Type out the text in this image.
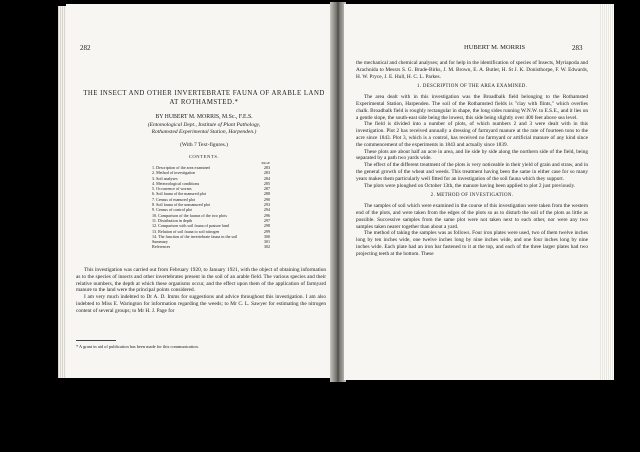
282
THE INSECT AND OTHER INVERTEBRATE FAUNA OF ARABLE LAND AT ROTHAMSTED.*
BY HUBERT M. MORRIS, M.Sc., F.E.S.
(Entomological Dept., Institute of Plant Pathology,
Rothamsted Experimental Station, Harpenden.)
(With 7 Text-figures.)
CONTENTS.
PAGE
1. Description of the area examined	283
2. Method of investigation	283
3. Soil analyses	284
4. Meteorological conditions	285
5. Occurrence of worms	287
6. Soil fauna of the manured plot	288
7. Census of manured plot	290
8. Soil fauna of the unmanured plot	293
9. Census of control plot	294
10. Comparison of the faunas of the two plots	296
11. Distribution in depth	297
12. Comparison with soil fauna of pasture land	298
13. Relation of soil fauna to soil nitrogen	299
14. The function of the invertebrate fauna in the soil	300
Summary	301
References	302

This investigation was carried out from February 1920, to January 1921, with the object of obtaining information as to the species of insects and other invertebrates present in the soil of an arable field. The various species and their relative numbers, the depth at which these organisms occur, and the effect upon them of the application of farmyard manure to the land were the principal points considered.

I am very much indebted to Dr A. D. Imms for suggestions and advice throughout this investigation. I am also indebted to Miss E. Warington for information regarding the weeds; to Mr C. L. Sawyer for estimating the nitrogen content of several groups; to Mr H. J. Page for

* A grant in aid of publication has been made for this communication.
HUBERT M. MORRIS	283

the mechanical and chemical analyses; and for help in the identification of species of Insects, Myriapoda and Arachnida to Messrs S. G. Brade-Birks, J. M. Brown, E. A. Butler, H. St J. K. Donisthorpe, F. W. Edwards, H. W. Pryce, J. E. Hull, H. C. L. Parkes.

1. DESCRIPTION OF THE AREA EXAMINED.

The area dealt with in this investigation was the Broadbalk field belonging to the Rothamsted Experimental Station, Harpenden. The soil of the Rothamsted fields is "clay with flints," which overlies chalk. Broadbalk field is roughly rectangular in shape, the long sides running W.N.W. to E.S.E., and it lies on a gentle slope, the south-east side being the lowest, this side being slightly over 400 feet above sea level.

The field is divided into a number of plots, of which numbers 2 and 3 were dealt with in this investigation. Plot 2 has received annually a dressing of farmyard manure at the rate of fourteen tons to the acre since 1843. Plot 3, which is a control, has received no farmyard or artificial manure of any kind since the commencement of the experiments in 1843 and actually since 1839.

These plots are about half an acre in area, and lie side by side along the northern side of the field, being separated by a path two yards wide.

The effect of the different treatment of the plots is very noticeable in their yield of grain and straw, and in the general growth of the wheat and weeds. This treatment having been the same in either case for so many years makes them particularly well fitted for an investigation of the soil fauna which they support.

The plots were ploughed on October 13th, the manure having been applied to plot 2 just previously.

2. METHOD OF INVESTIGATION.

The samples of soil which were examined in the course of this investigation were taken from the western end of the plots, and were taken from the edges of the plots so as to disturb the soil of the plots as little as possible. Successive samples from the same plot were not taken next to each other, nor were any two samples taken nearer together than about a yard.

The method of taking the samples was as follows. Four iron plates were used, two of them twelve inches long by ten inches wide, one twelve inches long by nine inches wide, and one four inches long by nine inches wide. Each plate had an iron bar fastened to it at the top, and each of the three larger plates had two projecting teeth at the bottom. These
